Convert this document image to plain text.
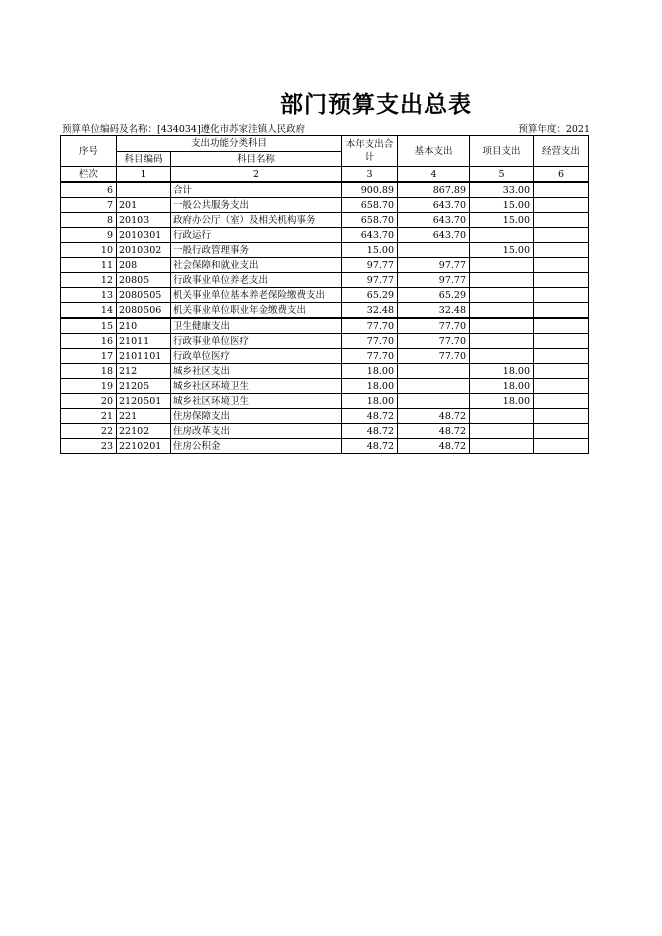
部门预算支出总表
预算单位编码及名称：[434034]遵化市苏家洼镇人民政府	预算年度：2021
序号	支出功能分类科目		本年支出合计	基本支出	项目支出	经营支出
	科目编码	科目名称				
栏次	1	2	3	4	5	6
6		合计	900.89	867.89	33.00	
7	201	一般公共服务支出	658.70	643.70	15.00	
8	20103	政府办公厅（室）及相关机构事务	658.70	643.70	15.00	
9	2010301	行政运行	643.70	643.70		
10	2010302	一般行政管理事务	15.00		15.00	
11	208	社会保障和就业支出	97.77	97.77		
12	20805	行政事业单位养老支出	97.77	97.77		
13	2080505	机关事业单位基本养老保险缴费支出	65.29	65.29		
14	2080506	机关事业单位职业年金缴费支出	32.48	32.48		
15	210	卫生健康支出	77.70	77.70		
16	21011	行政事业单位医疗	77.70	77.70		
17	2101101	行政单位医疗	77.70	77.70		
18	212	城乡社区支出	18.00		18.00	
19	21205	城乡社区环境卫生	18.00		18.00	
20	2120501	城乡社区环境卫生	18.00		18.00	
21	221	住房保障支出	48.72	48.72		
22	22102	住房改革支出	48.72	48.72		
23	2210201	住房公积金	48.72	48.72		
